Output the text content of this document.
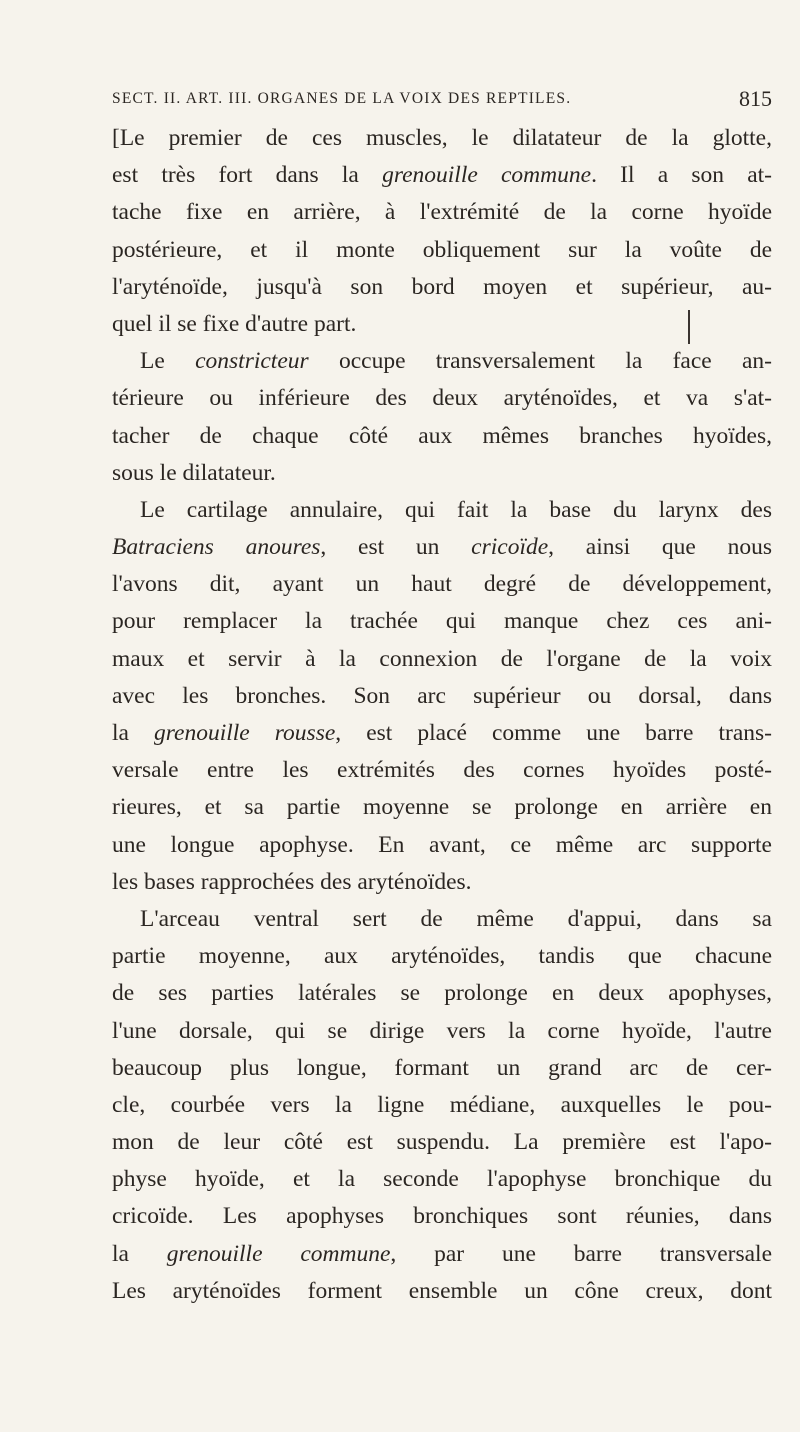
SECT. II. ART. III. ORGANES DE LA VOIX DES REPTILES.	815
[Le premier de ces muscles, le dilatateur de la glotte,
est très fort dans la grenouille commune. Il a son at-
tache fixe en arrière, à l'extrémité de la corne hyoïde
postérieure, et il monte obliquement sur la voûte de
l'aryténoïde, jusqu'à son bord moyen et supérieur, au-
quel il se fixe d'autre part.
Le constricteur occupe transversalement la face an-
térieure ou inférieure des deux aryténoïdes, et va s'at-
tacher de chaque côté aux mêmes branches hyoïdes,
sous le dilatateur.
Le cartilage annulaire, qui fait la base du larynx des
Batraciens anoures, est un cricoïde, ainsi que nous
l'avons dit, ayant un haut degré de développement,
pour remplacer la trachée qui manque chez ces ani-
maux et servir à la connexion de l'organe de la voix
avec les bronches. Son arc supérieur ou dorsal, dans
la grenouille rousse, est placé comme une barre trans-
versale entre les extrémités des cornes hyoïdes posté-
rieures, et sa partie moyenne se prolonge en arrière en
une longue apophyse. En avant, ce même arc supporte
les bases rapprochées des aryténoïdes.
L'arceau ventral sert de même d'appui, dans sa
partie moyenne, aux aryténoïdes, tandis que chacune
de ses parties latérales se prolonge en deux apophyses,
l'une dorsale, qui se dirige vers la corne hyoïde, l'autre
beaucoup plus longue, formant un grand arc de cer-
cle, courbée vers la ligne médiane, auxquelles le pou-
mon de leur côté est suspendu. La première est l'apo-
physe hyoïde, et la seconde l'apophyse bronchique du
cricoïde. Les apophyses bronchiques sont réunies, dans
la grenouille commune, par une barre transversale
Les aryténoïdes forment ensemble un cône creux, dont
